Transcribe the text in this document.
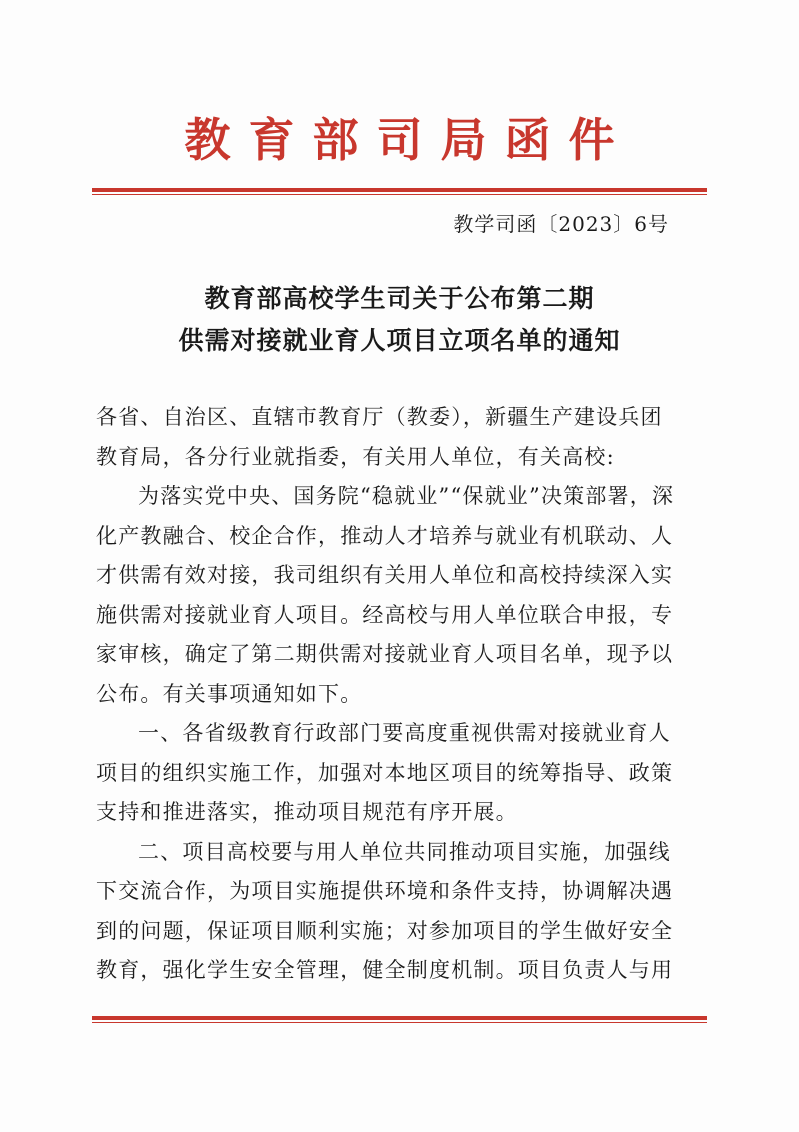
教育部司局函件
教学司函〔2023〕6号
教育部高校学生司关于公布第二期
供需对接就业育人项目立项名单的通知
各省、自治区、直辖市教育厅（教委），新疆生产建设兵团
教育局，各分行业就指委，有关用人单位，有关高校:
为落实党中央、国务院“稳就业”“保就业”决策部署，深
化产教融合、校企合作，推动人才培养与就业有机联动、人
才供需有效对接，我司组织有关用人单位和高校持续深入实
施供需对接就业育人项目。经高校与用人单位联合申报，专
家审核，确定了第二期供需对接就业育人项目名单，现予以
公布。有关事项通知如下。
一、各省级教育行政部门要高度重视供需对接就业育人
项目的组织实施工作，加强对本地区项目的统筹指导、政策
支持和推进落实，推动项目规范有序开展。
二、项目高校要与用人单位共同推动项目实施，加强线
下交流合作，为项目实施提供环境和条件支持，协调解决遇
到的问题，保证项目顺利实施；对参加项目的学生做好安全
教育，强化学生安全管理，健全制度机制。项目负责人与用
